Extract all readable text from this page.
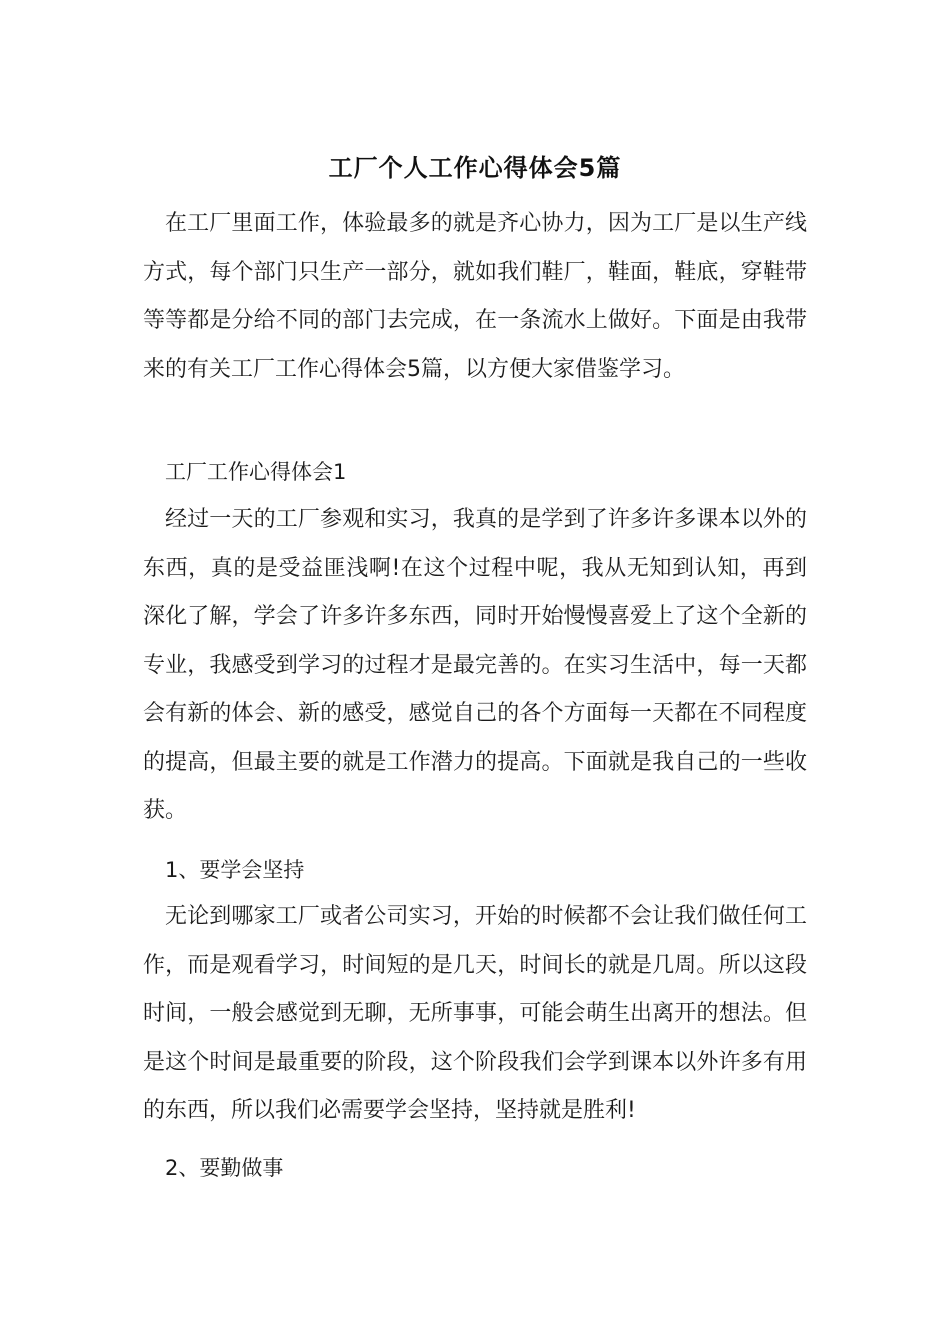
工厂个人工作心得体会5篇

在工厂里面工作，体验最多的就是齐心协力，因为工厂是以生产线方式，每个部门只生产一部分，就如我们鞋厂，鞋面，鞋底，穿鞋带等等都是分给不同的部门去完成，在一条流水上做好。下面是由我带来的有关工厂工作心得体会5篇，以方便大家借鉴学习。

工厂工作心得体会1

经过一天的工厂参观和实习，我真的是学到了许多许多课本以外的东西，真的是受益匪浅啊!在这个过程中呢，我从无知到认知，再到深化了解，学会了许多许多东西，同时开始慢慢喜爱上了这个全新的专业，我感受到学习的过程才是最完善的。在实习生活中，每一天都会有新的体会、新的感受，感觉自己的各个方面每一天都在不同程度的提高，但最主要的就是工作潜力的提高。下面就是我自己的一些收获。

1、要学会坚持

无论到哪家工厂或者公司实习，开始的时候都不会让我们做任何工作，而是观看学习，时间短的是几天，时间长的就是几周。所以这段时间，一般会感觉到无聊，无所事事，可能会萌生出离开的想法。但是这个时间是最重要的阶段，这个阶段我们会学到课本以外许多有用的东西，所以我们必需要学会坚持，坚持就是胜利!

2、要勤做事
